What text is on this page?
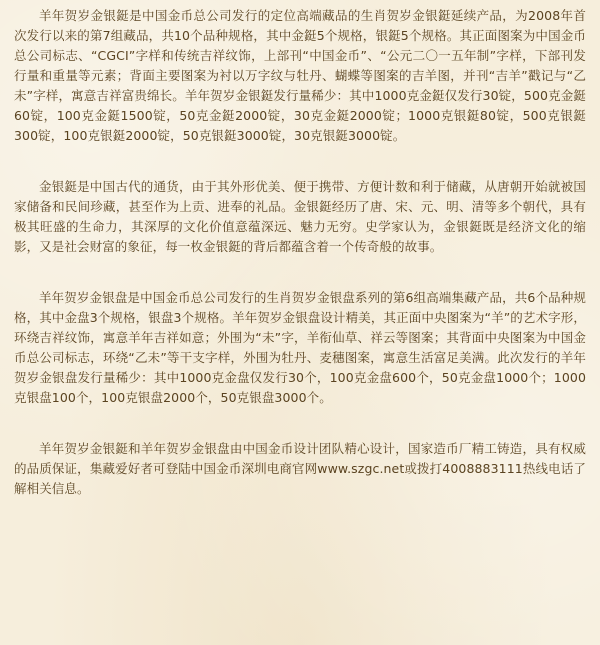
羊年贺岁金银鋌是中国金币总公司发行的定位高端藏品的生肖贺岁金银鋌延续产品，为2008年首次发行以来的第7组藏品，共10个品种规格，其中金鋌5个规格，银鋌5个规格。其正面图案为中国金币总公司标志、“CGCI”字样和传统吉祥纹饰，上部刊“中国金币”、“公元二〇一五年制”字样，下部刊发行量和重量等元素；背面主要图案为衬以万字纹与牡丹、蝴蝶等图案的吉羊图，并刊“吉羊”戳记与“乙未”字样，寓意吉祥富贵绵长。羊年贺岁金银鋌发行量稀少：其中1000克金鋌仅发行30锭，500克金鋌60锭，100克金鋌1500锭，50克金鋌2000锭，30克金鋌2000锭；1000克银鋌80锭，500克银鋌300锭，100克银鋌2000锭，50克银鋌3000锭，30克银鋌3000锭。

金银鋌是中国古代的通货，由于其外形优美、便于携带、方便计数和利于储藏，从唐朝开始就被国家储备和民间珍藏，甚至作为上贡、进奉的礼品。金银鋌经历了唐、宋、元、明、清等多个朝代，具有极其旺盛的生命力，其深厚的文化价值意蕴深远、魅力无穷。史学家认为，金银鋌既是经济文化的缩影，又是社会财富的象征，每一枚金银鋌的背后都蕴含着一个传奇般的故事。

羊年贺岁金银盘是中国金币总公司发行的生肖贺岁金银盘系列的第6组高端集藏产品，共6个品种规格，其中金盘3个规格，银盘3个规格。羊年贺岁金银盘设计精美，其正面中央图案为“羊”的艺术字形，环绕吉祥纹饰，寓意羊年吉祥如意；外围为“未”字，羊衔仙草、祥云等图案；其背面中央图案为中国金币总公司标志，环绕“乙未”等干支字样，外围为牡丹、麦穗图案，寓意生活富足美满。此次发行的羊年贺岁金银盘发行量稀少：其中1000克金盘仅发行30个，100克金盘600个，50克金盘1000个；1000克银盘100个，100克银盘2000个，50克银盘3000个。

羊年贺岁金银鋌和羊年贺岁金银盘由中国金币设计团队精心设计，国家造币厂精工铸造，具有权威的品质保证，集藏爱好者可登陆中国金币深圳电商官网www.szgc.net或拨打4008883111热线电话了解相关信息。
